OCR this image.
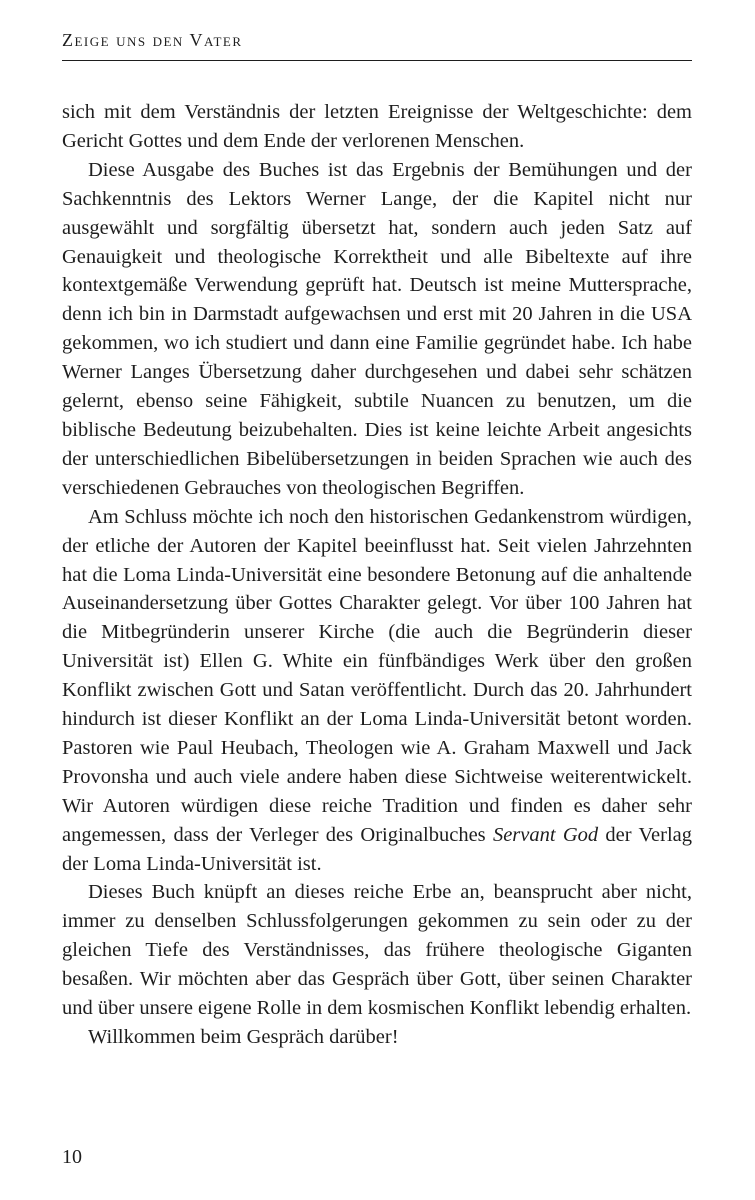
Zeige uns den Vater

sich mit dem Verständnis der letzten Ereignisse der Weltgeschichte: dem Gericht Gottes und dem Ende der verlorenen Menschen.

Diese Ausgabe des Buches ist das Ergebnis der Bemühungen und der Sachkenntnis des Lektors Werner Lange, der die Kapitel nicht nur ausgewählt und sorgfältig übersetzt hat, sondern auch jeden Satz auf Genauigkeit und theologische Korrektheit und alle Bibeltexte auf ihre kontextgemäße Verwendung geprüft hat. Deutsch ist meine Muttersprache, denn ich bin in Darmstadt aufgewachsen und erst mit 20 Jahren in die USA gekommen, wo ich studiert und dann eine Familie gegründet habe. Ich habe Werner Langes Übersetzung daher durchgesehen und dabei sehr schätzen gelernt, ebenso seine Fähigkeit, subtile Nuancen zu benutzen, um die biblische Bedeutung beizubehalten. Dies ist keine leichte Arbeit angesichts der unterschiedlichen Bibelübersetzungen in beiden Sprachen wie auch des verschiedenen Gebrauches von theologischen Begriffen.

Am Schluss möchte ich noch den historischen Gedankenstrom würdigen, der etliche der Autoren der Kapitel beeinflusst hat. Seit vielen Jahrzehnten hat die Loma Linda-Universität eine besondere Betonung auf die anhaltende Auseinandersetzung über Gottes Charakter gelegt. Vor über 100 Jahren hat die Mitbegründerin unserer Kirche (die auch die Begründerin dieser Universität ist) Ellen G. White ein fünfbändiges Werk über den großen Konflikt zwischen Gott und Satan veröffentlicht. Durch das 20. Jahrhundert hindurch ist dieser Konflikt an der Loma Linda-Universität betont worden. Pastoren wie Paul Heubach, Theologen wie A. Graham Maxwell und Jack Provonsha und auch viele andere haben diese Sichtweise weiterentwickelt. Wir Autoren würdigen diese reiche Tradition und finden es daher sehr angemessen, dass der Verleger des Originalbuches Servant God der Verlag der Loma Linda-Universität ist.

Dieses Buch knüpft an dieses reiche Erbe an, beansprucht aber nicht, immer zu denselben Schlussfolgerungen gekommen zu sein oder zu der gleichen Tiefe des Verständnisses, das frühere theologische Giganten besaßen. Wir möchten aber das Gespräch über Gott, über seinen Charakter und über unsere eigene Rolle in dem kosmischen Konflikt lebendig erhalten.

Willkommen beim Gespräch darüber!

10
